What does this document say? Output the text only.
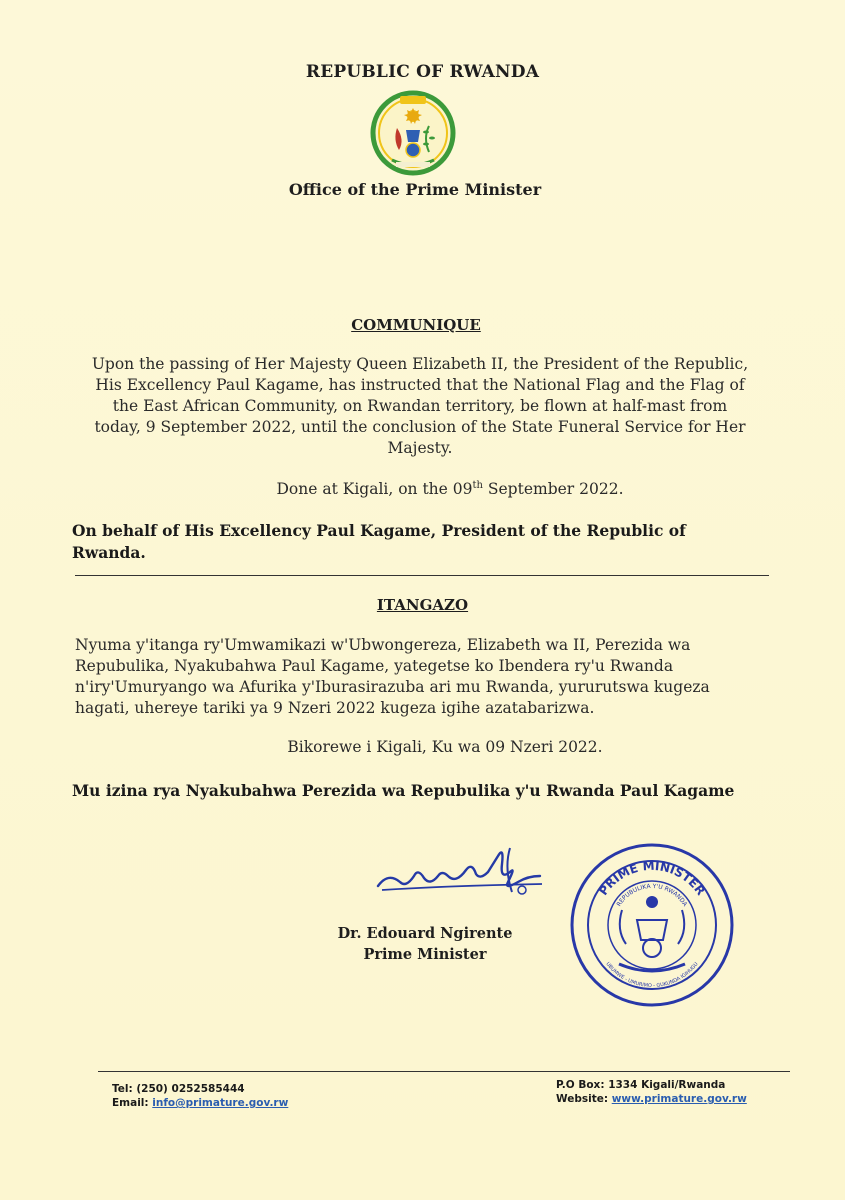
REPUBLIC OF RWANDA
Office of the Prime Minister
COMMUNIQUE
Upon the passing of Her Majesty Queen Elizabeth II, the President of the Republic,
His Excellency Paul Kagame, has instructed that the National Flag and the Flag of
the East African Community, on Rwandan territory, be flown at half-mast from
today, 9 September 2022, until the conclusion of the State Funeral Service for Her
Majesty.
Done at Kigali, on the 09th September 2022.
On behalf of His Excellency Paul Kagame, President of the Republic of
Rwanda.
ITANGAZO
Nyuma y'itanga ry'Umwamikazi w'Ubwongereza, Elizabeth wa II, Perezida wa
Repubulika, Nyakubahwa Paul Kagame, yategetse ko Ibendera ry'u Rwanda
n'iry'Umuryango wa Afurika y'Iburasirazuba ari mu Rwanda, yururutswa kugeza
hagati, uhereye tariki ya 9 Nzeri 2022 kugeza igihe azatabarizwa.
Bikorewe i Kigali, Ku wa 09 Nzeri 2022.
Mu izina rya Nyakubahwa Perezida wa Repubulika y'u Rwanda Paul Kagame
Dr. Edouard Ngirente
Prime Minister
PRIME MINISTER
REPUBULIKA Y'U RWANDA
UBUMWE - UMURIMO - GUKUNDA IGIHUGU
Tel: (250) 0252585444
Email: info@primature.gov.rw
P.O Box: 1334 Kigali/Rwanda
Website: www.primature.gov.rw
